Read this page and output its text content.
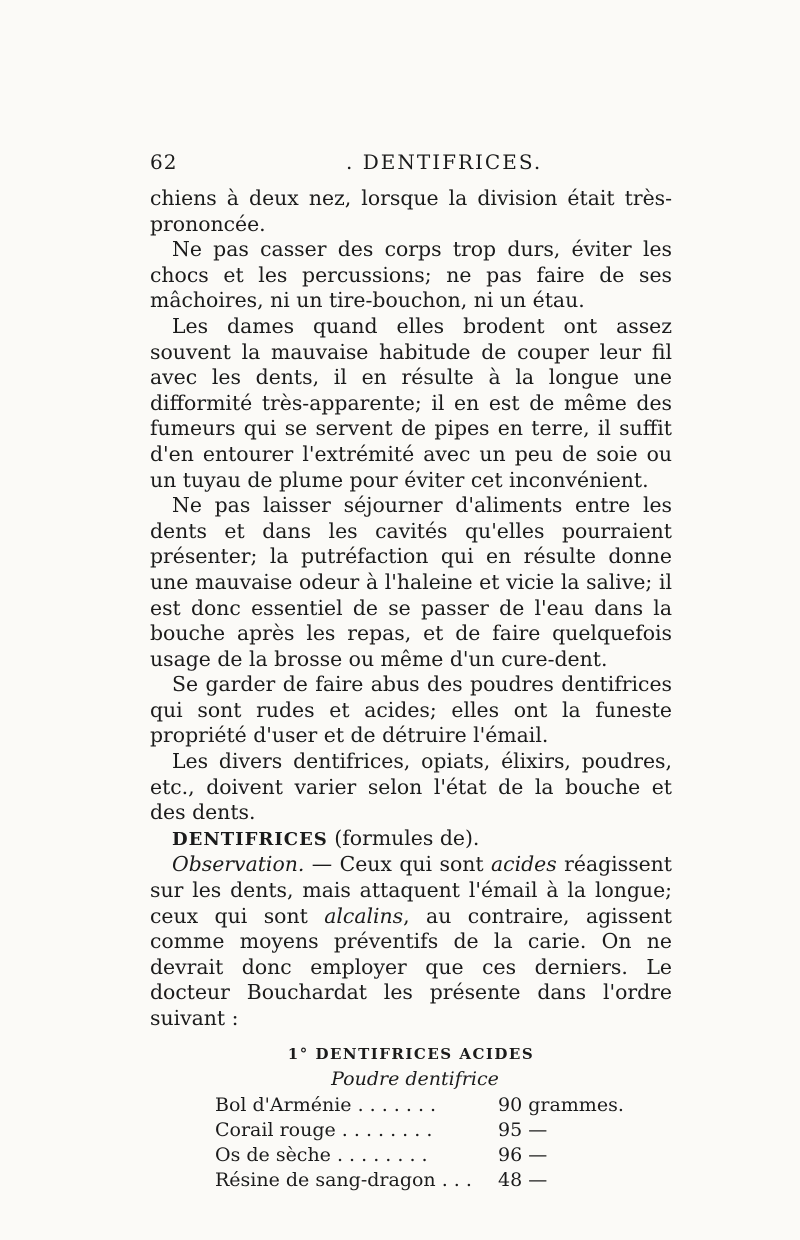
62	. DENTIFRICES.

chiens à deux nez, lorsque la division était très-prononcée.

Ne pas casser des corps trop durs, éviter les chocs et les percussions; ne pas faire de ses mâchoires, ni un tire-bouchon, ni un étau.

Les dames quand elles brodent ont assez souvent la mauvaise habitude de couper leur fil avec les dents, il en résulte à la longue une difformité très-apparente; il en est de même des fumeurs qui se servent de pipes en terre, il suffit d'en entourer l'extrémité avec un peu de soie ou un tuyau de plume pour éviter cet inconvénient.

Ne pas laisser séjourner d'aliments entre les dents et dans les cavités qu'elles pourraient présenter; la putréfaction qui en résulte donne une mauvaise odeur à l'haleine et vicie la salive; il est donc essentiel de se passer de l'eau dans la bouche après les repas, et de faire quelquefois usage de la brosse ou même d'un cure-dent.

Se garder de faire abus des poudres dentifrices qui sont rudes et acides; elles ont la funeste propriété d'user et de détruire l'émail.

Les divers dentifrices, opiats, élixirs, poudres, etc., doivent varier selon l'état de la bouche et des dents.

DENTIFRICES (formules de).

Observation. — Ceux qui sont acides réagissent sur les dents, mais attaquent l'émail à la longue; ceux qui sont alcalins, au contraire, agissent comme moyens préventifs de la carie. On ne devrait donc employer que ces derniers. Le docteur Bouchardat les présente dans l'ordre suivant :

1° DENTIFRICES ACIDES
Poudre dentifrice
Bol d'Arménie . . . . . . .	90 grammes.
Corail rouge . . . . . . . .	95 —
Os de sèche . . . . . . . .	96 —
Résine de sang-dragon . . . 48 —
